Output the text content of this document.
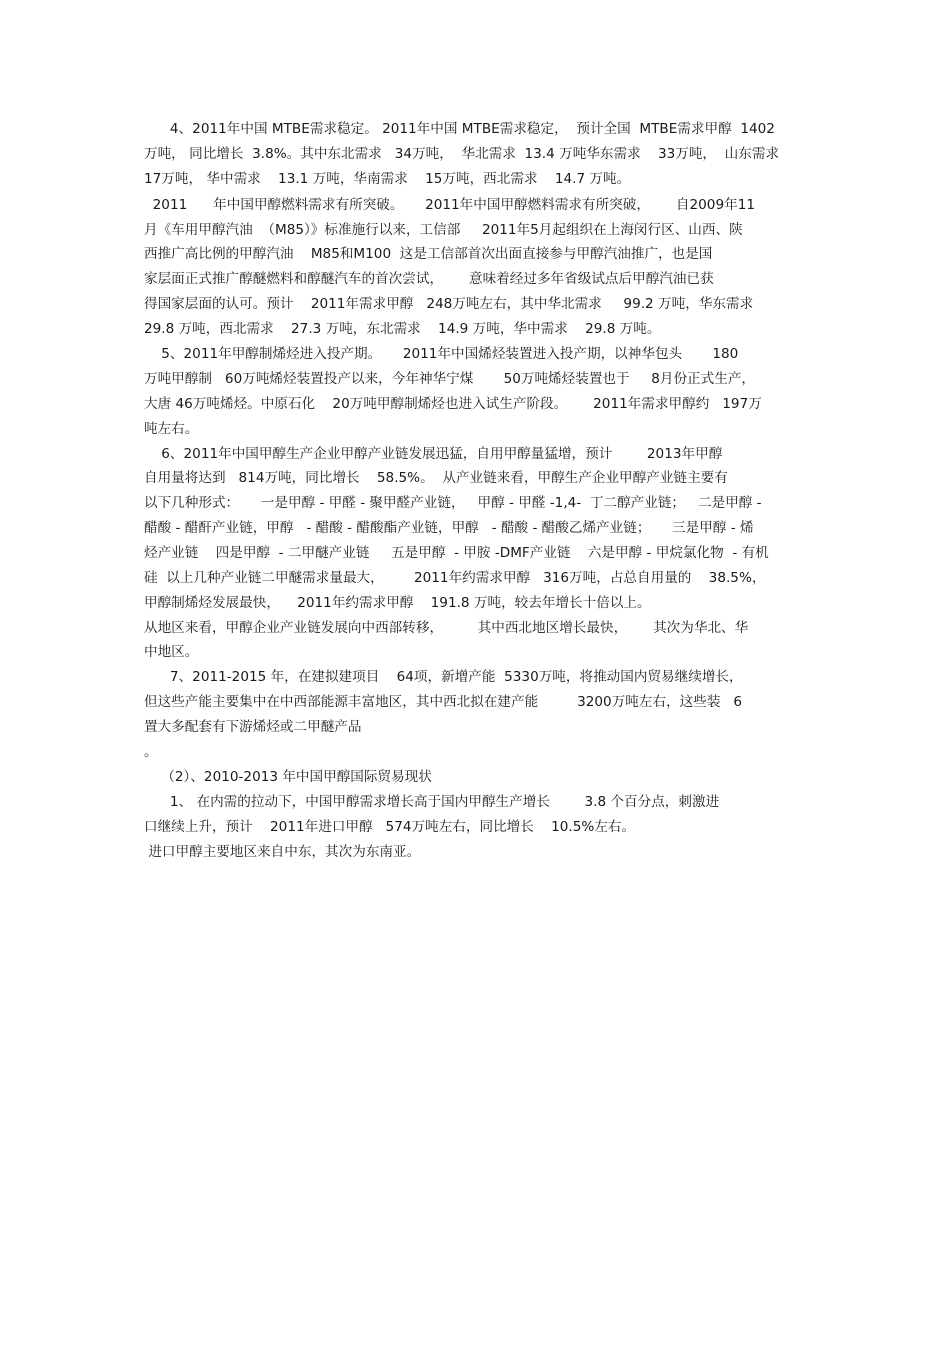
4、2011年中国 MTBE需求稳定。 2011年中国 MTBE需求稳定，  预计全国  MTBE需求甲醇  1402
万吨， 同比增长  3.8%。其中东北需求   34万吨，  华北需求  13.4 万吨华东需求    33万吨，  山东需求
17万吨， 华中需求    13.1 万吨，华南需求    15万吨，西北需求    14.7 万吨。
2011      年中国甲醇燃料需求有所突破。     2011年中国甲醇燃料需求有所突破，      自2009年11
月《车用甲醇汽油  （M85）》标准施行以来，工信部     2011年5月起组织在上海闵行区、山西、陕
西推广高比例的甲醇汽油    M85和M100  这是工信部首次出面直接参与甲醇汽油推广，也是国
家层面正式推广醇醚燃料和醇醚汽车的首次尝试，      意味着经过多年省级试点后甲醇汽油已获
得国家层面的认可。预计    2011年需求甲醇   248万吨左右，其中华北需求     99.2 万吨，华东需求
29.8 万吨，西北需求    27.3 万吨，东北需求    14.9 万吨，华中需求    29.8 万吨。
5、2011年甲醇制烯烃进入投产期。     2011年中国烯烃装置进入投产期，以神华包头       180
万吨甲醇制   60万吨烯烃装置投产以来，今年神华宁煤       50万吨烯烃装置也于     8月份正式生产，
大唐 46万吨烯烃。中原石化    20万吨甲醇制烯烃也进入试生产阶段。      2011年需求甲醇约   197万
吨左右。
6、2011年中国甲醇生产企业甲醇产业链发展迅猛，自用甲醇量猛增，预计        2013年甲醇
自用量将达到   814万吨，同比增长    58.5%。  从产业链来看，甲醇生产企业甲醇产业链主要有
以下几种形式：     一是甲醇 - 甲醛 - 聚甲醛产业链，   甲醇 - 甲醛 -1,4-  丁二醇产业链；   二是甲醇 -
醋酸 - 醋酐产业链，甲醇   - 醋酸 - 醋酸酯产业链，甲醇   - 醋酸 - 醋酸乙烯产业链；     三是甲醇 - 烯
烃产业链    四是甲醇  - 二甲醚产业链     五是甲醇  - 甲胺 -DMF产业链    六是甲醇 - 甲烷氯化物  - 有机
硅  以上几种产业链二甲醚需求量最大，       2011年约需求甲醇   316万吨，占总自用量的    38.5%，
甲醇制烯烃发展最快，    2011年约需求甲醇    191.8 万吨，较去年增长十倍以上。
从地区来看，甲醇企业产业链发展向中西部转移，        其中西北地区增长最快，      其次为华北、华
中地区。
7、2011-2015 年，在建拟建项目    64项，新增产能  5330万吨，将推动国内贸易继续增长，
但这些产能主要集中在中西部能源丰富地区，其中西北拟在建产能         3200万吨左右，这些装   6
置大多配套有下游烯烃或二甲醚产品
。
（2）、2010-2013 年中国甲醇国际贸易现状
1、 在内需的拉动下，中国甲醇需求增长高于国内甲醇生产增长        3.8 个百分点，刺激进
口继续上升，预计    2011年进口甲醇   574万吨左右，同比增长    10.5%左右。
进口甲醇主要地区来自中东，其次为东南亚。
